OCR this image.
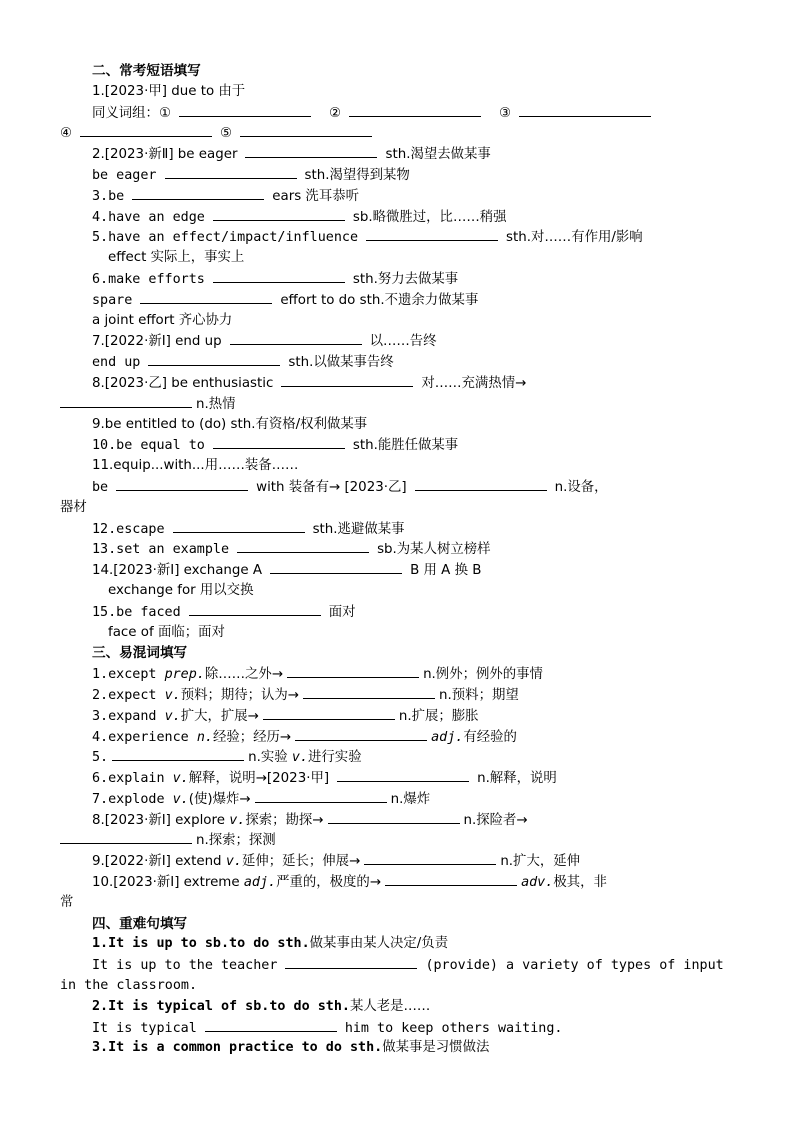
二、常考短语填写
1.[2023·甲] due to 由于
同义词组：①	②	③
④	⑤
2.[2023·新Ⅱ] be eager	sth.渴望去做某事
be eager	sth.渴望得到某物
3.be	ears 洗耳恭听
4.have an edge	sb.略微胜过，比……稍强
5.have an effect/impact/influence	sth.对……有作用/影响
effect 实际上，事实上
6.make efforts	sth.努力去做某事
spare	effort to do sth.不遗余力做某事
a joint effort 齐心协力
7.[2022·新Ⅰ] end up	以……告终
end up	sth.以做某事告终
8.[2023·乙] be enthusiastic	对……充满热情→
n.热情
9.be entitled to (do) sth.有资格/权利做某事
10.be equal to	sth.能胜任做某事
11.equip...with...用……装备……
be	with 装备有→ [2023·乙]	n.设备，
器材
12.escape	sth.逃避做某事
13.set an example	sb.为某人树立榜样
14.[2023·新Ⅰ] exchange A	B 用 A 换 B
exchange for 用以交换
15.be faced	面对
face of 面临；面对
三、易混词填写
1.except prep.除……之外→	n.例外；例外的事情
2.expect v.预料；期待；认为→	n.预料；期望
3.expand v.扩大，扩展→	n.扩展；膨胀
4.experience n.经验；经历→	adj.有经验的
5.	n.实验 v.进行实验
6.explain v.解释，说明→[2023·甲]	n.解释，说明
7.explode v.(使)爆炸→	n.爆炸
8.[2023·新Ⅰ] explore v.探索；勘探→	n.探险者→
n.探索；探测
9.[2022·新Ⅰ] extend v.延伸；延长；伸展→	n.扩大，延伸
10.[2023·新Ⅰ] extreme adj.严重的，极度的→	adv.极其，非
常
四、重难句填写
1.It is up to sb.to do sth.做某事由某人决定/负责
It is up to the teacher	(provide) a variety of types of input
in the classroom.
2.It is typical of sb.to do sth.某人老是……
It is typical	him to keep others waiting.
3.It is a common practice to do sth.做某事是习惯做法
